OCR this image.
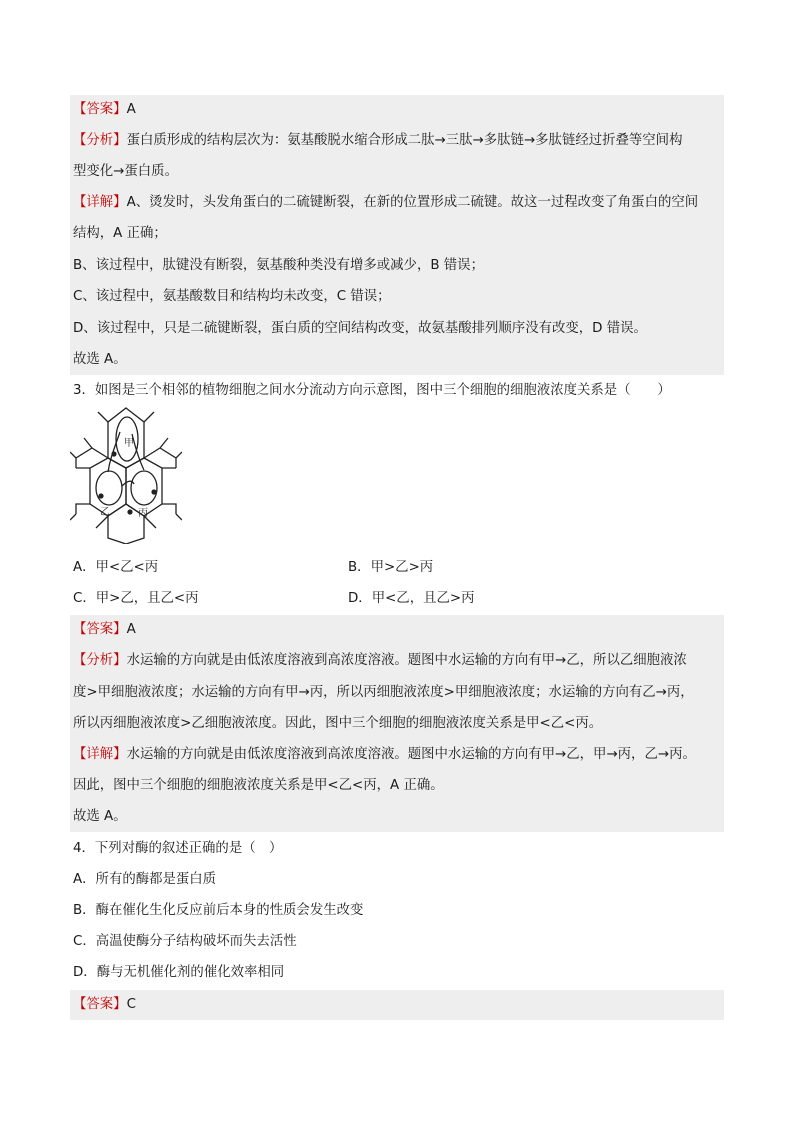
【答案】A
【分析】蛋白质形成的结构层次为：氨基酸脱水缩合形成二肽→三肽→多肽链→多肽链经过折叠等空间构
型变化→蛋白质。
【详解】A、烫发时，头发角蛋白的二硫键断裂，在新的位置形成二硫键。故这一过程改变了角蛋白的空间
结构，A 正确；
B、该过程中，肽键没有断裂，氨基酸种类没有增多或减少，B 错误；
C、该过程中，氨基酸数目和结构均未改变，C 错误；
D、该过程中，只是二硫键断裂，蛋白质的空间结构改变，故氨基酸排列顺序没有改变，D 错误。
故选 A。
3．如图是三个相邻的植物细胞之间水分流动方向示意图，图中三个细胞的细胞液浓度关系是（　　）
甲
乙	丙
A．甲<乙<丙	B．甲>乙>丙
C．甲>乙，且乙<丙	D．甲<乙，且乙>丙
【答案】A
【分析】水运输的方向就是由低浓度溶液到高浓度溶液。题图中水运输的方向有甲→乙，所以乙细胞液浓
度>甲细胞液浓度；水运输的方向有甲→丙，所以丙细胞液浓度>甲细胞液浓度；水运输的方向有乙→丙，
所以丙细胞液浓度>乙细胞液浓度。因此，图中三个细胞的细胞液浓度关系是甲<乙<丙。
【详解】水运输的方向就是由低浓度溶液到高浓度溶液。题图中水运输的方向有甲→乙，甲→丙，乙→丙。
因此，图中三个细胞的细胞液浓度关系是甲<乙<丙，A 正确。
故选 A。
4．下列对酶的叙述正确的是（　）
A．所有的酶都是蛋白质
B．酶在催化生化反应前后本身的性质会发生改变
C．高温使酶分子结构破坏而失去活性
D．酶与无机催化剂的催化效率相同
【答案】C
